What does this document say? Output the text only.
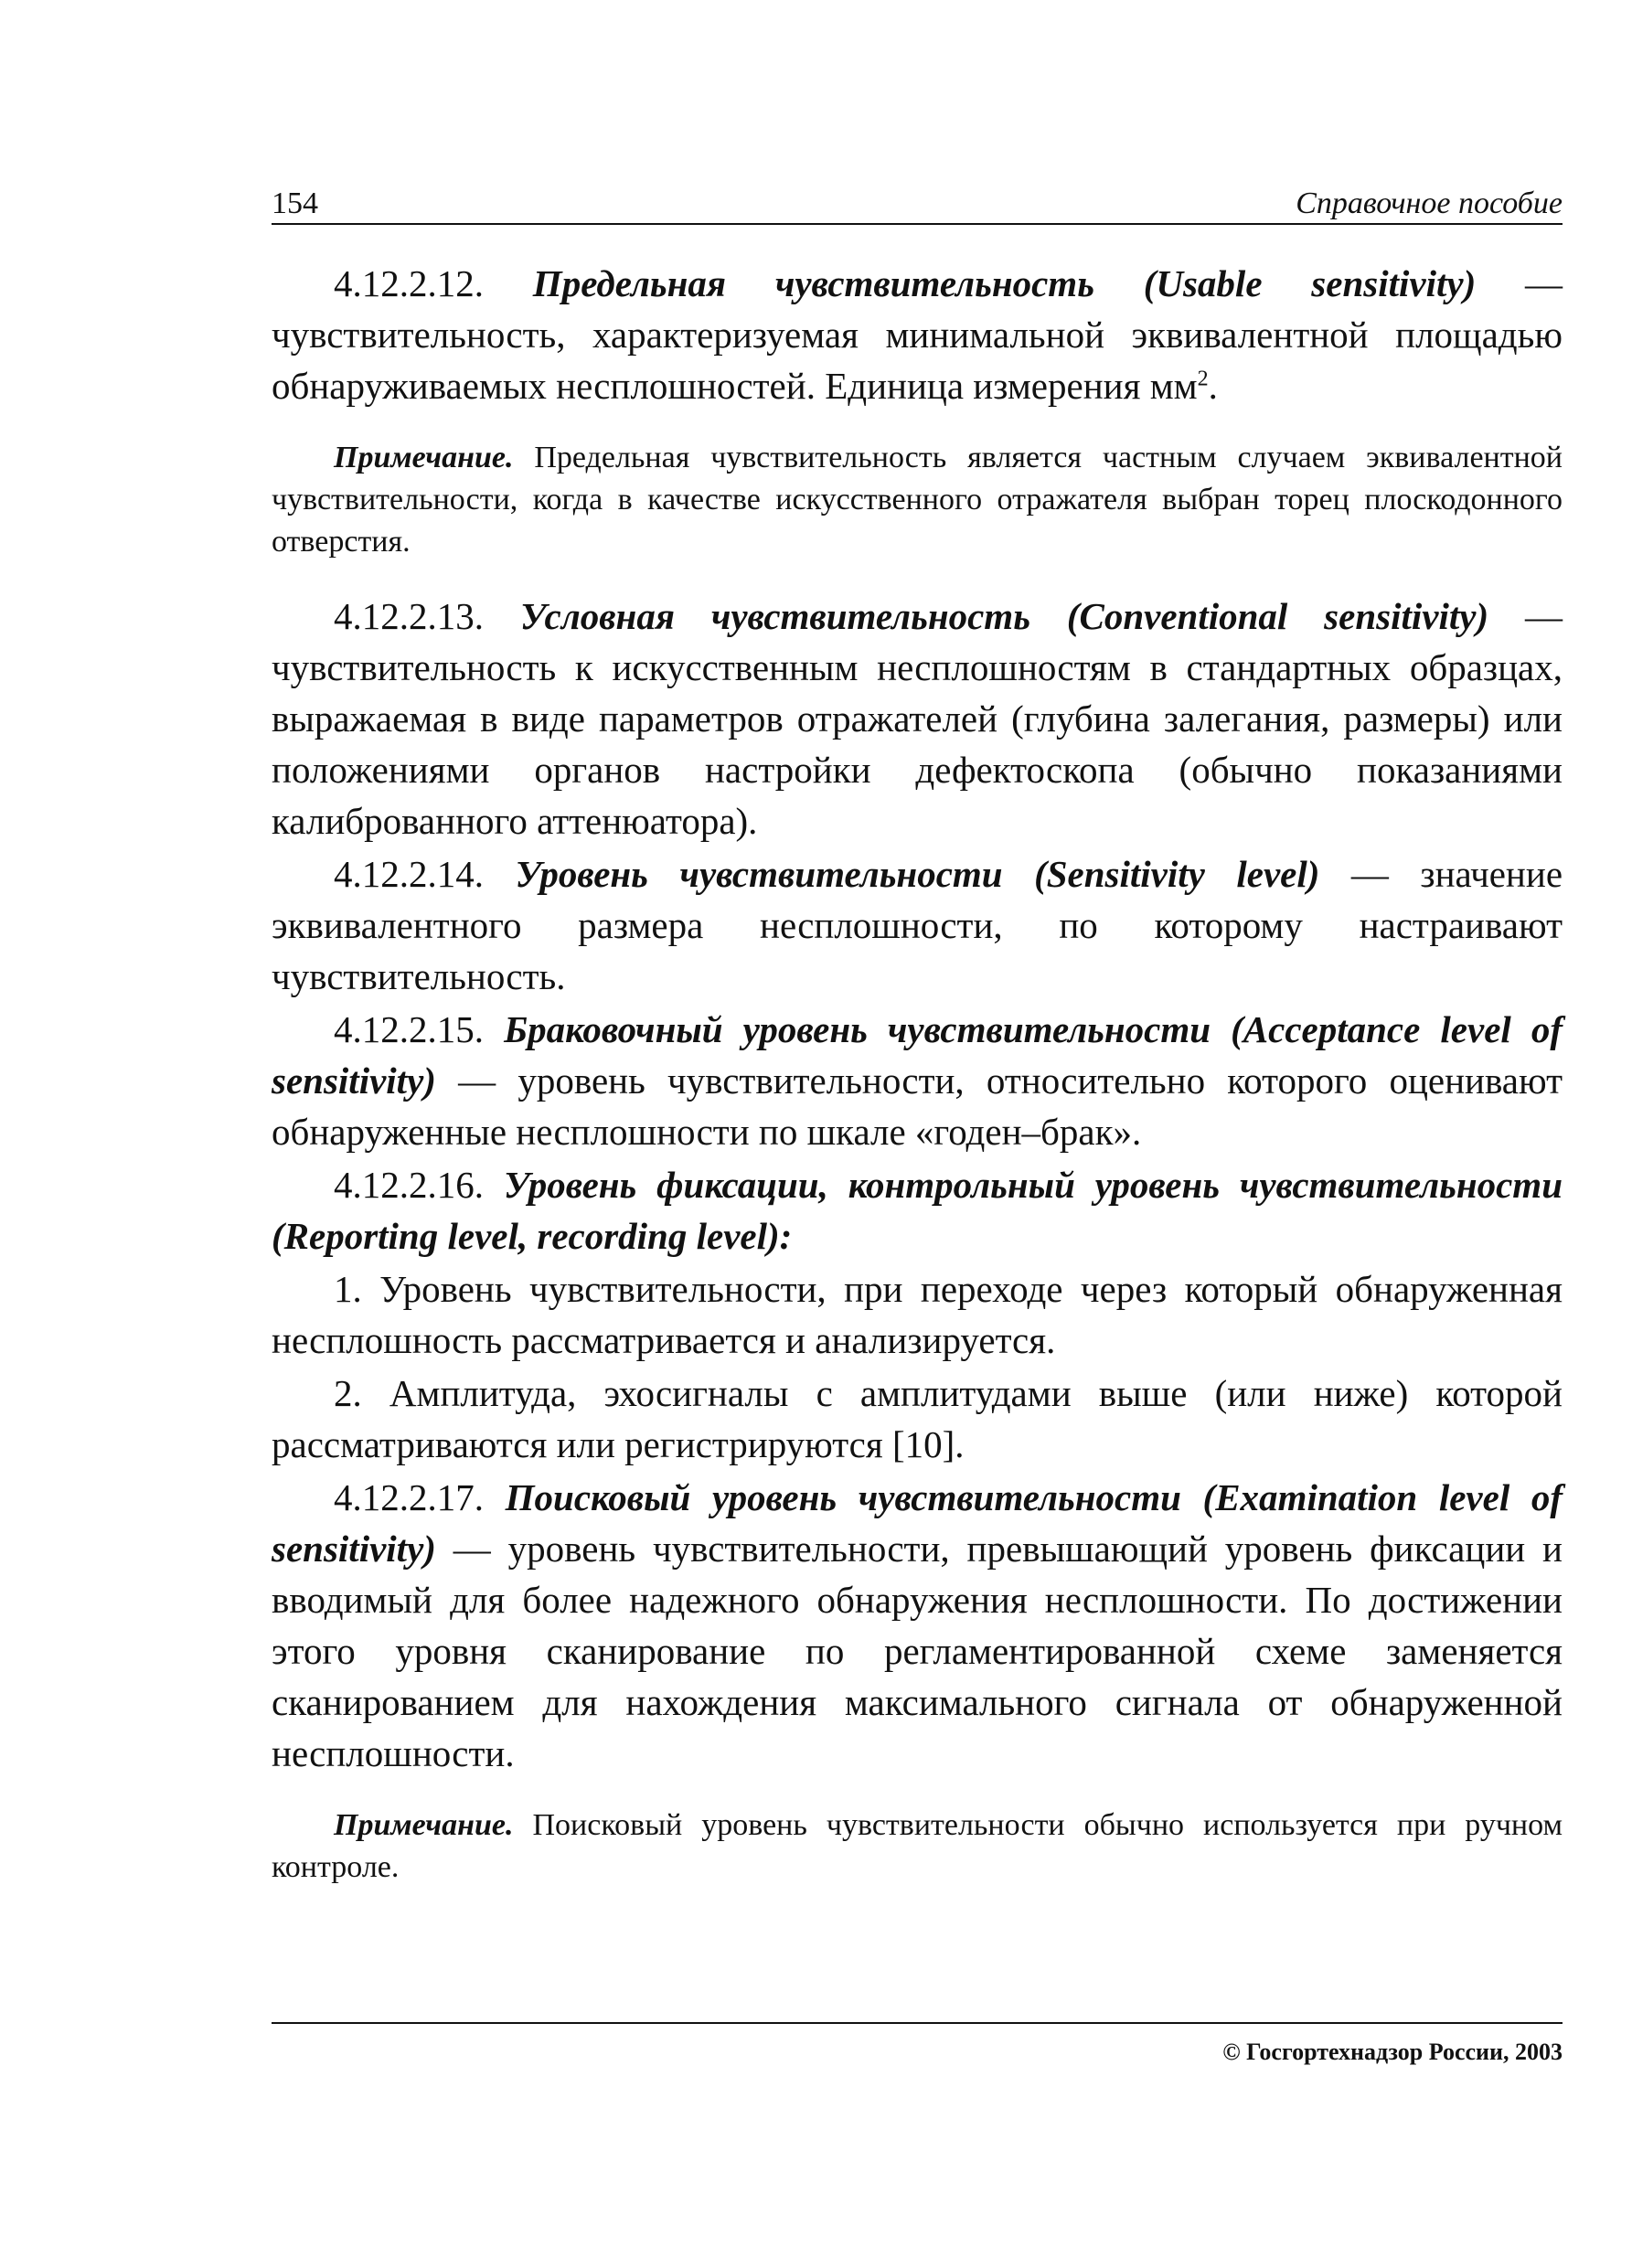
154	Справочное пособие

4.12.2.12. Предельная чувствительность (Usable sensitivity) — чувствительность, характеризуемая минимальной эквивалентной площадью обнаруживаемых несплошностей. Единица измерения $мм^2$.

Примечание. Предельная чувствительность является частным случаем эквивалентной чувствительности, когда в качестве искусственного отражателя выбран торец плоскодонного отверстия.

4.12.2.13. Условная чувствительность (Conventional sensitivity) — чувствительность к искусственным несплошностям в стандартных образцах, выражаемая в виде параметров отражателей (глубина залегания, размеры) или положениями органов настройки дефектоскопа (обычно показаниями калиброванного аттенюатора).

4.12.2.14. Уровень чувствительности (Sensitivity level) — значение эквивалентного размера несплошности, по которому настраивают чувствительность.

4.12.2.15. Браковочный уровень чувствительности (Acceptance level of sensitivity) — уровень чувствительности, относительно которого оценивают обнаруженные несплошности по шкале «годен–брак».

4.12.2.16. Уровень фиксации, контрольный уровень чувствительности (Reporting level, recording level):

1. Уровень чувствительности, при переходе через который обнаруженная несплошность рассматривается и анализируется.

2. Амплитуда, эхосигналы с амплитудами выше (или ниже) которой рассматриваются или регистрируются [10].

4.12.2.17. Поисковый уровень чувствительности (Examination level of sensitivity) — уровень чувствительности, превышающий уровень фиксации и вводимый для более надежного обнаружения несплошности. По достижении этого уровня сканирование по регламентированной схеме заменяется сканированием для нахождения максимального сигнала от обнаруженной несплошности.

Примечание. Поисковый уровень чувствительности обычно используется при ручном контроле.

© Госгортехнадзор России, 2003
